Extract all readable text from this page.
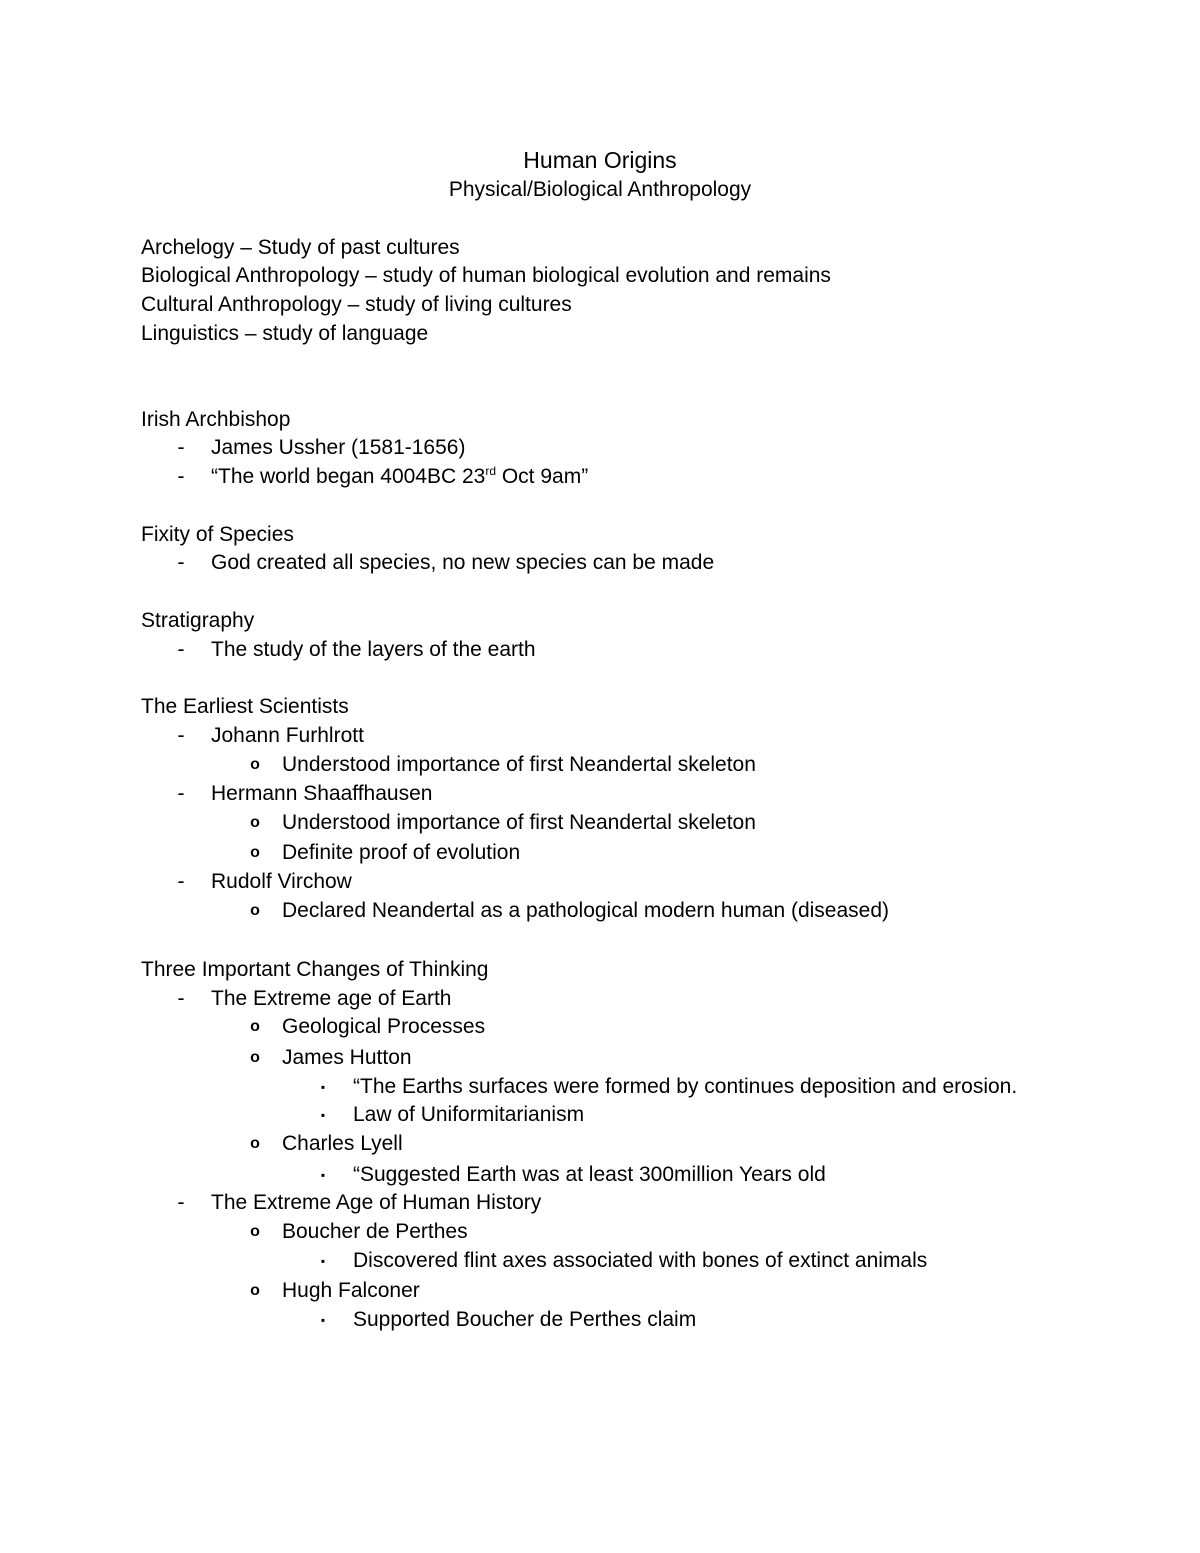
Human Origins
Physical/Biological Anthropology
Archelogy – Study of past cultures
Biological Anthropology – study of human biological evolution and remains
Cultural Anthropology – study of living cultures
Linguistics – study of language
Irish Archbishop
- James Ussher (1581-1656)
- “The world began 4004BC 23rd Oct 9am”
Fixity of Species
- God created all species, no new species can be made
Stratigraphy
- The study of the layers of the earth
The Earliest Scientists
- Johann Furhlrott
o Understood importance of first Neandertal skeleton
- Hermann Shaaffhausen
o Understood importance of first Neandertal skeleton
o Definite proof of evolution
- Rudolf Virchow
o Declared Neandertal as a pathological modern human (diseased)
Three Important Changes of Thinking
- The Extreme age of Earth
o Geological Processes
o James Hutton
▪ “The Earths surfaces were formed by continues deposition and erosion.
▪ Law of Uniformitarianism
o Charles Lyell
▪ “Suggested Earth was at least 300million Years old
- The Extreme Age of Human History
o Boucher de Perthes
▪ Discovered flint axes associated with bones of extinct animals
o Hugh Falconer
▪ Supported Boucher de Perthes claim
